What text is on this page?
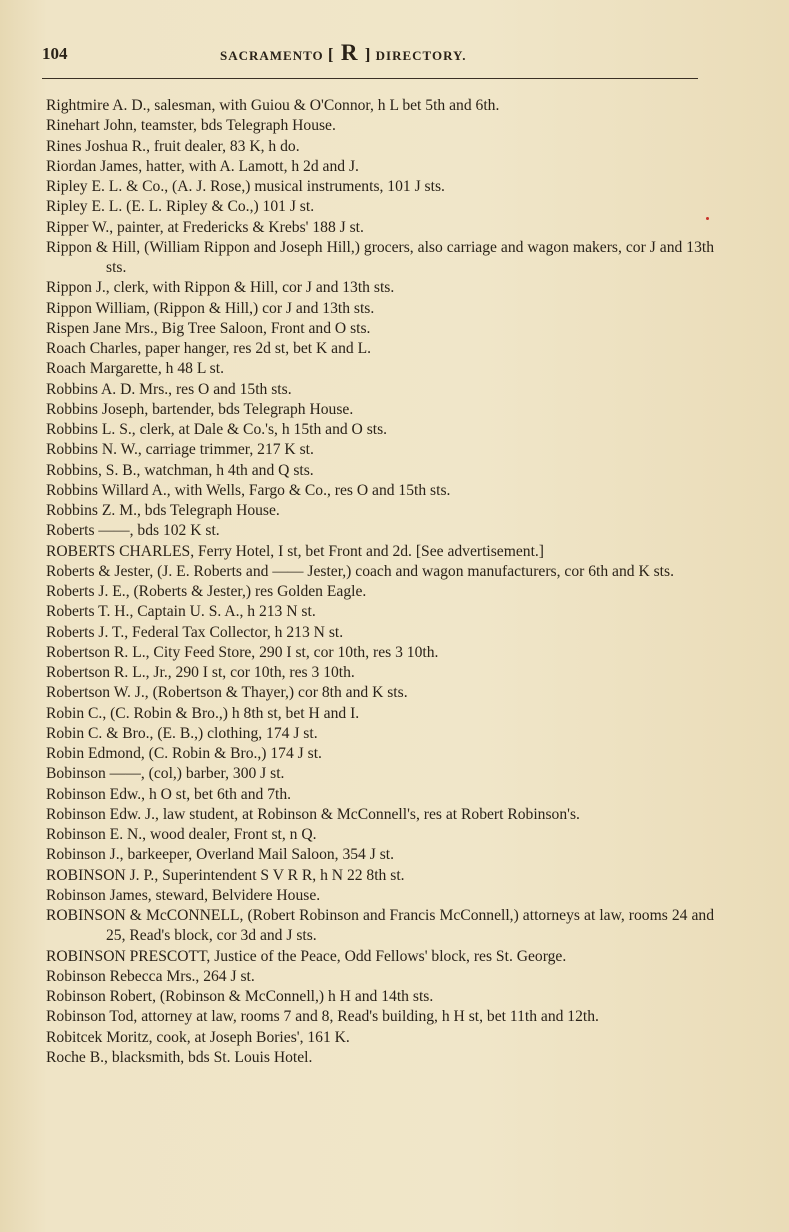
104	SACRAMENTO [ R ] DIRECTORY.
Rightmire A. D., salesman, with Guiou & O'Connor, h L bet 5th and 6th.
Rinehart John, teamster, bds Telegraph House.
Rines Joshua R., fruit dealer, 83 K, h do.
Riordan James, hatter, with A. Lamott, h 2d and J.
Ripley E. L. & Co., (A. J. Rose,) musical instruments, 101 J sts.
Ripley E. L. (E. L. Ripley & Co.,) 101 J st.
Ripper W., painter, at Fredericks & Krebs' 188 J st.
Rippon & Hill, (William Rippon and Joseph Hill,) grocers, also carriage and wagon makers, cor J and 13th sts.
Rippon J., clerk, with Rippon & Hill, cor J and 13th sts.
Rippon William, (Rippon & Hill,) cor J and 13th sts.
Rispen Jane Mrs., Big Tree Saloon, Front and O sts.
Roach Charles, paper hanger, res 2d st, bet K and L.
Roach Margarette, h 48 L st.
Robbins A. D. Mrs., res O and 15th sts.
Robbins Joseph, bartender, bds Telegraph House.
Robbins L. S., clerk, at Dale & Co.'s, h 15th and O sts.
Robbins N. W., carriage trimmer, 217 K st.
Robbins, S. B., watchman, h 4th and Q sts.
Robbins Willard A., with Wells, Fargo & Co., res O and 15th sts.
Robbins Z. M., bds Telegraph House.
Roberts ——, bds 102 K st.
ROBERTS CHARLES, Ferry Hotel, I st, bet Front and 2d. [See advertisement.]
Roberts & Jester, (J. E. Roberts and —— Jester,) coach and wagon manufacturers, cor 6th and K sts.
Roberts J. E., (Roberts & Jester,) res Golden Eagle.
Roberts T. H., Captain U. S. A., h 213 N st.
Roberts J. T., Federal Tax Collector, h 213 N st.
Robertson R. L., City Feed Store, 290 I st, cor 10th, res 3 10th.
Robertson R. L., Jr., 290 I st, cor 10th, res 3 10th.
Robertson W. J., (Robertson & Thayer,) cor 8th and K sts.
Robin C., (C. Robin & Bro.,) h 8th st, bet H and I.
Robin C. & Bro., (E. B.,) clothing, 174 J st.
Robin Edmond, (C. Robin & Bro.,) 174 J st.
Bobinson ——, (col,) barber, 300 J st.
Robinson Edw., h O st, bet 6th and 7th.
Robinson Edw. J., law student, at Robinson & McConnell's, res at Robert Robinson's.
Robinson E. N., wood dealer, Front st, n Q.
Robinson J., barkeeper, Overland Mail Saloon, 354 J st.
ROBINSON J. P., Superintendent S V R R, h N 22 8th st.
Robinson James, steward, Belvidere House.
ROBINSON & McCONNELL, (Robert Robinson and Francis McConnell,) attorneys at law, rooms 24 and 25, Read's block, cor 3d and J sts.
ROBINSON PRESCOTT, Justice of the Peace, Odd Fellows' block, res St. George.
Robinson Rebecca Mrs., 264 J st.
Robinson Robert, (Robinson & McConnell,) h H and 14th sts.
Robinson Tod, attorney at law, rooms 7 and 8, Read's building, h H st, bet 11th and 12th.
Robitcek Moritz, cook, at Joseph Bories', 161 K.
Roche B., blacksmith, bds St. Louis Hotel.
